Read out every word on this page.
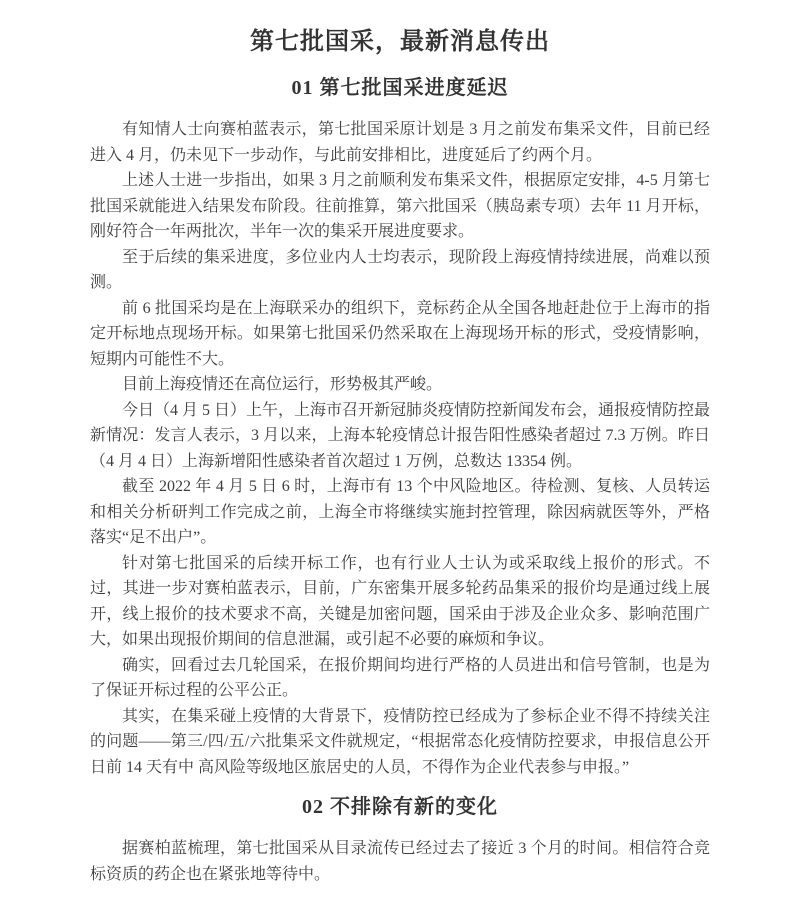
第七批国采，最新消息传出
01 第七批国采进度延迟

有知情人士向赛柏蓝表示，第七批国采原计划是 3 月之前发布集采文件，目前已经进入 4 月，仍未见下一步动作，与此前安排相比，进度延后了约两个月。

上述人士进一步指出，如果 3 月之前顺利发布集采文件，根据原定安排，4-5 月第七批国采就能进入结果发布阶段。往前推算，第六批国采（胰岛素专项）去年 11 月开标，刚好符合一年两批次，半年一次的集采开展进度要求。

至于后续的集采进度，多位业内人士均表示，现阶段上海疫情持续进展，尚难以预测。

前 6 批国采均是在上海联采办的组织下，竞标药企从全国各地赶赴位于上海市的指定开标地点现场开标。如果第七批国采仍然采取在上海现场开标的形式，受疫情影响，短期内可能性不大。

目前上海疫情还在高位运行，形势极其严峻。

今日（4 月 5 日）上午，上海市召开新冠肺炎疫情防控新闻发布会，通报疫情防控最新情况：发言人表示，3 月以来，上海本轮疫情总计报告阳性感染者超过 7.3 万例。昨日（4 月 4 日）上海新增阳性感染者首次超过 1 万例，总数达 13354 例。

截至 2022 年 4 月 5 日 6 时，上海市有 13 个中风险地区。待检测、复核、人员转运和相关分析研判工作完成之前，上海全市将继续实施封控管理，除因病就医等外，严格落实“足不出户”。

针对第七批国采的后续开标工作，也有行业人士认为或采取线上报价的形式。不过，其进一步对赛柏蓝表示，目前，广东密集开展多轮药品集采的报价均是通过线上展开，线上报价的技术要求不高，关键是加密问题，国采由于涉及企业众多、影响范围广大，如果出现报价期间的信息泄漏，或引起不必要的麻烦和争议。

确实，回看过去几轮国采，在报价期间均进行严格的人员进出和信号管制，也是为了保证开标过程的公平公正。

其实，在集采碰上疫情的大背景下，疫情防控已经成为了参标企业不得不持续关注的问题——第三/四/五/六批集采文件就规定，“根据常态化疫情防控要求，申报信息公开日前 14 天有中 高风险等级地区旅居史的人员，不得作为企业代表参与申报。”

02 不排除有新的变化

据赛柏蓝梳理，第七批国采从目录流传已经过去了接近 3 个月的时间。相信符合竞标资质的药企也在紧张地等待中。
